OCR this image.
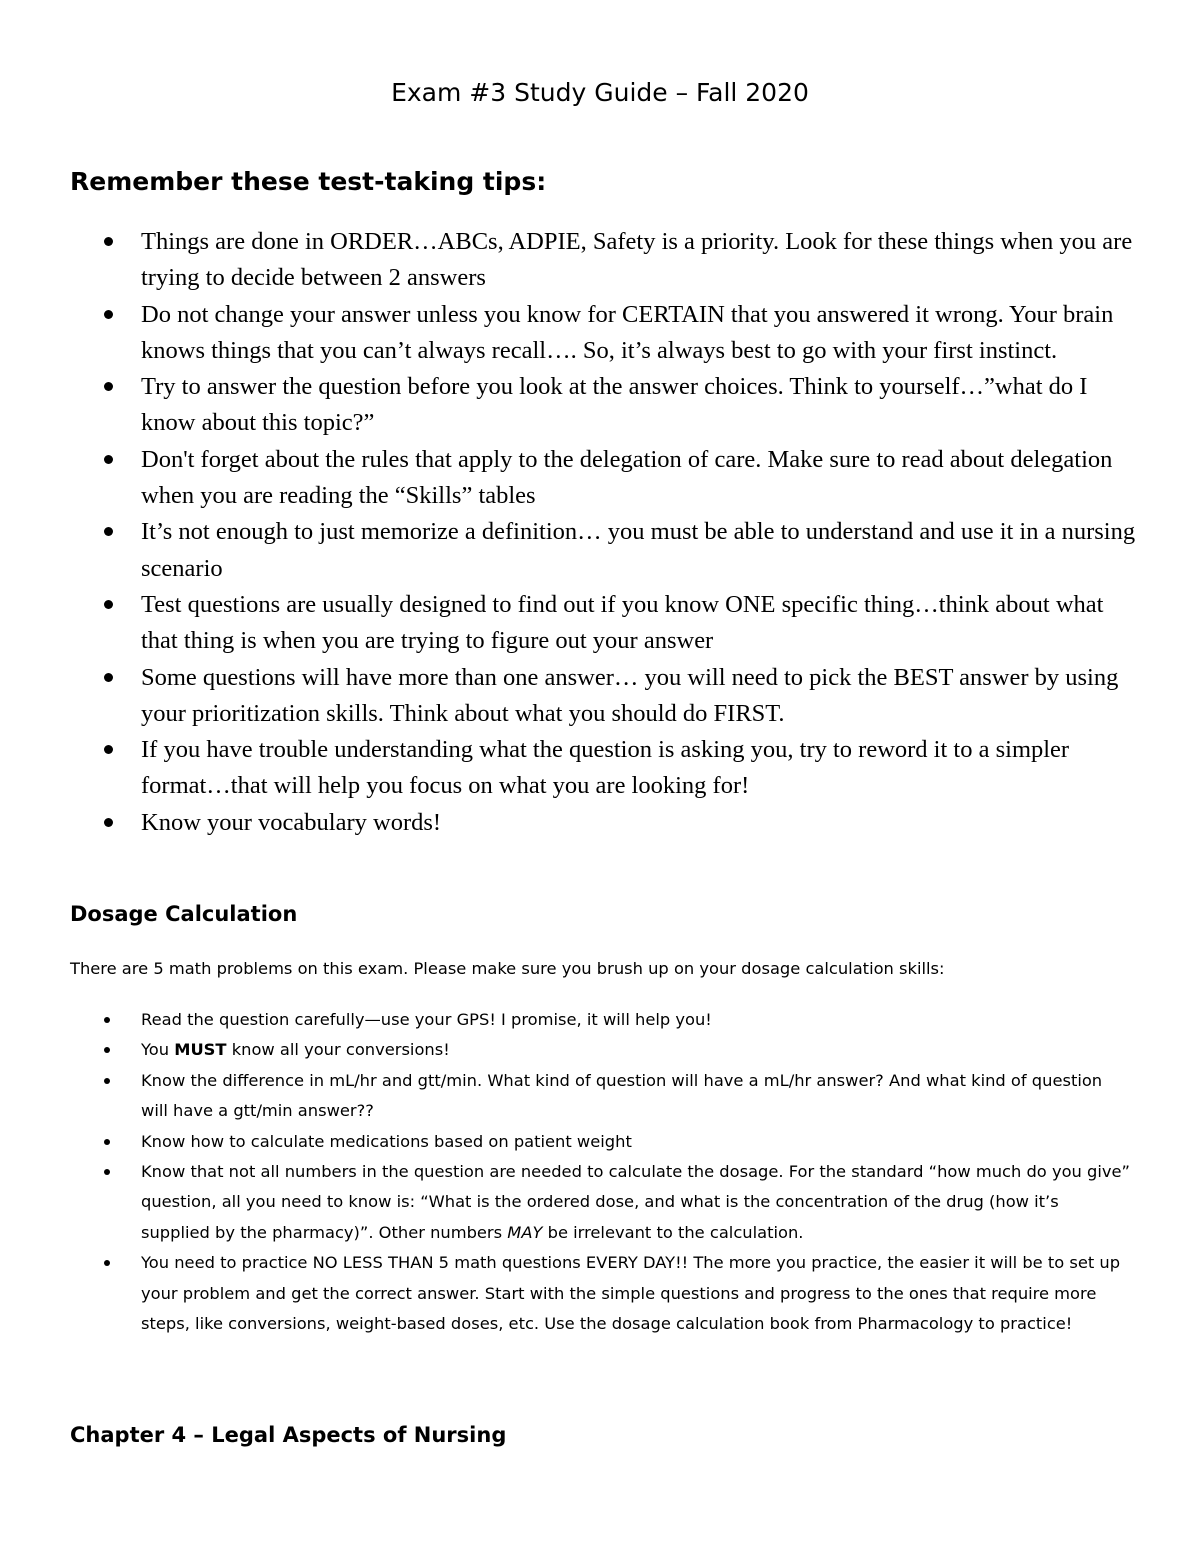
Exam #3 Study Guide – Fall 2020
Remember these test-taking tips:
Things are done in ORDER…ABCs, ADPIE, Safety is a priority. Look for these things when you are trying to decide between 2 answers
Do not change your answer unless you know for CERTAIN that you answered it wrong. Your brain knows things that you can’t always recall…. So, it’s always best to go with your first instinct.
Try to answer the question before you look at the answer choices. Think to yourself…”what do I know about this topic?”
Don't forget about the rules that apply to the delegation of care. Make sure to read about delegation when you are reading the “Skills” tables
It’s not enough to just memorize a definition… you must be able to understand and use it in a nursing scenario
Test questions are usually designed to find out if you know ONE specific thing…think about what that thing is when you are trying to figure out your answer
Some questions will have more than one answer… you will need to pick the BEST answer by using your prioritization skills. Think about what you should do FIRST.
If you have trouble understanding what the question is asking you, try to reword it to a simpler format…that will help you focus on what you are looking for!
Know your vocabulary words!
Dosage Calculation

There are 5 math problems on this exam. Please make sure you brush up on your dosage calculation skills:

Read the question carefully—use your GPS! I promise, it will help you!
You MUST know all your conversions!
Know the difference in mL/hr and gtt/min. What kind of question will have a mL/hr answer? And what kind of question will have a gtt/min answer??
Know how to calculate medications based on patient weight
Know that not all numbers in the question are needed to calculate the dosage. For the standard “how much do you give” question, all you need to know is: “What is the ordered dose, and what is the concentration of the drug (how it’s supplied by the pharmacy)”. Other numbers MAY be irrelevant to the calculation.
You need to practice NO LESS THAN 5 math questions EVERY DAY!! The more you practice, the easier it will be to set up your problem and get the correct answer. Start with the simple questions and progress to the ones that require more steps, like conversions, weight-based doses, etc. Use the dosage calculation book from Pharmacology to practice!
Chapter 4 – Legal Aspects of Nursing
